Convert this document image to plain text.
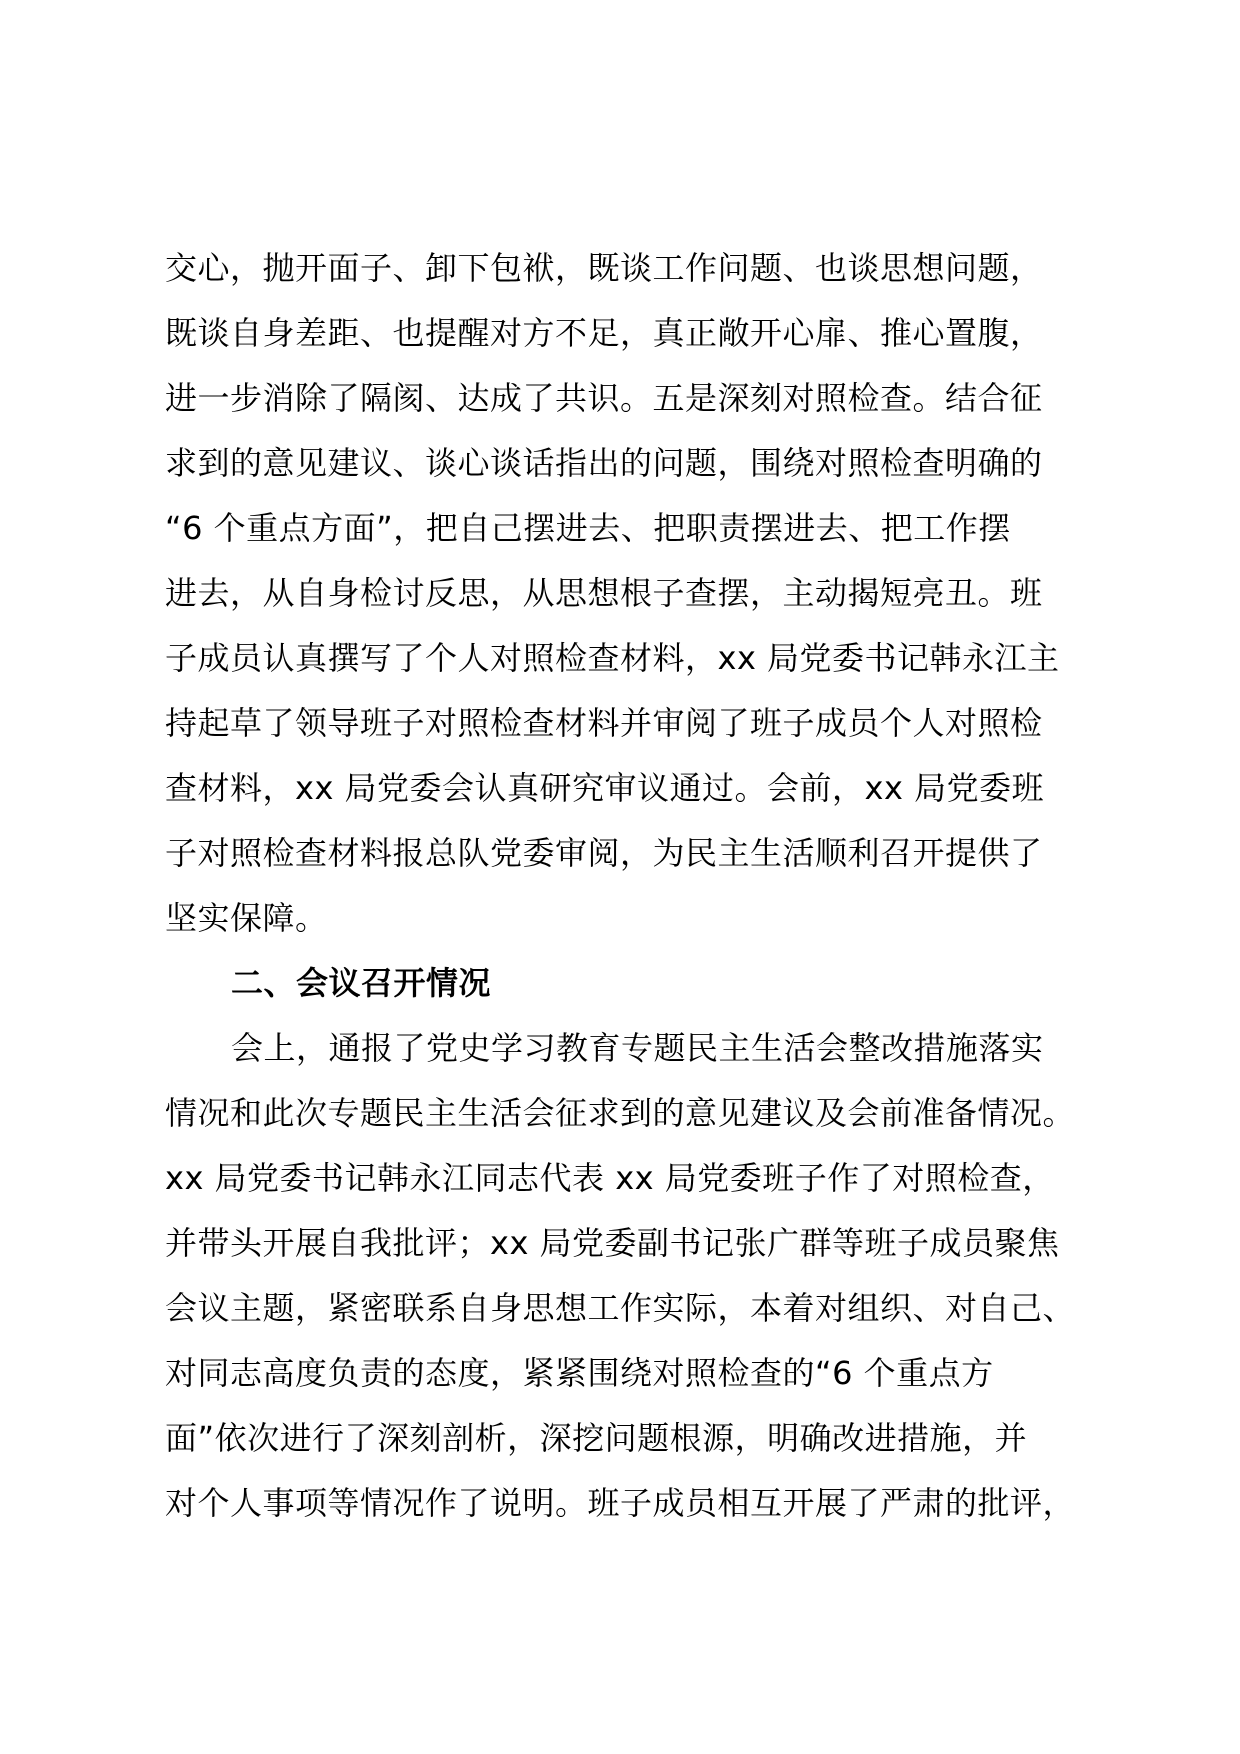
交心，抛开面子、卸下包袱，既谈工作问题、也谈思想问题，
既谈自身差距、也提醒对方不足，真正敞开心扉、推心置腹，
进一步消除了隔阂、达成了共识。五是深刻对照检查。结合征
求到的意见建议、谈心谈话指出的问题，围绕对照检查明确的
“6 个重点方面”，把自己摆进去、把职责摆进去、把工作摆
进去，从自身检讨反思，从思想根子查摆，主动揭短亮丑。班
子成员认真撰写了个人对照检查材料，xx 局党委书记韩永江主
持起草了领导班子对照检查材料并审阅了班子成员个人对照检
查材料，xx 局党委会认真研究审议通过。会前，xx 局党委班
子对照检查材料报总队党委审阅，为民主生活顺利召开提供了
坚实保障。
二、会议召开情况
会上，通报了党史学习教育专题民主生活会整改措施落实
情况和此次专题民主生活会征求到的意见建议及会前准备情况。
xx 局党委书记韩永江同志代表 xx 局党委班子作了对照检查，
并带头开展自我批评；xx 局党委副书记张广群等班子成员聚焦
会议主题，紧密联系自身思想工作实际，本着对组织、对自己、
对同志高度负责的态度，紧紧围绕对照检查的“6 个重点方
面”依次进行了深刻剖析，深挖问题根源，明确改进措施，并
对个人事项等情况作了说明。班子成员相互开展了严肃的批评，
